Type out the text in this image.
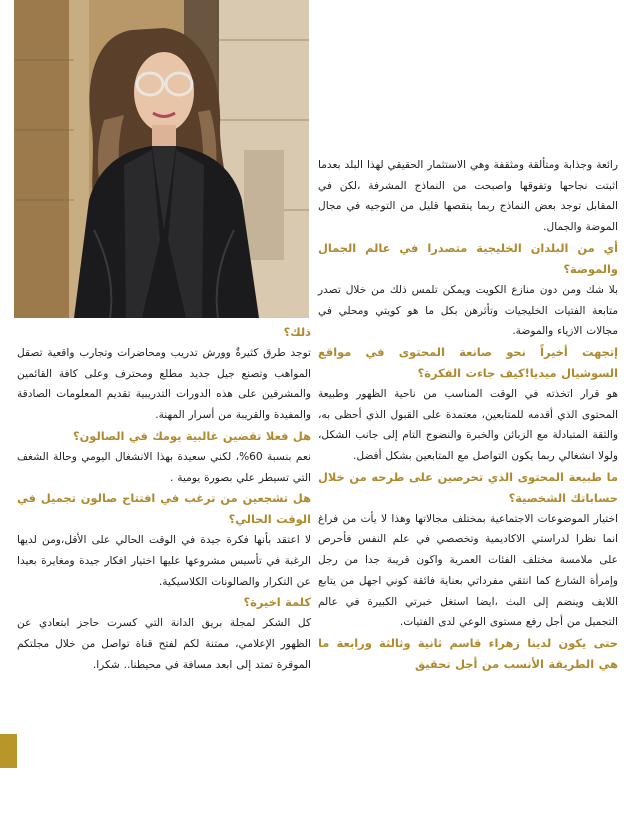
رائعة وجذابة ومتألقة ومثقفة وهي الاستثمار الحقيقي لهذا البلد بعدما اثبتت نجاحها وتفوقها واصبحت من النماذج المشرفة ،لكن في المقابل توجد بعض النماذج ربما ينقصها قليل من التوجيه في مجال الموضة والجمال.

أي من البلدان الخليجية متصدرا في عالم الجمال والموضة؟

بلا شك ومن دون منازع الكويت ويمكن تلمس ذلك من خلال تصدر متابعة الفتيات الخليجيات وتأثرهن بكل ما هو كويتي ومحلي في مجالات الازياء والموضة.

إتجهت أخيراً نحو صانعة المحتوى في مواقع السوشيال ميديا!كيف جاءت الفكرة؟

هو قرار اتخذته في الوقت المناسب من ناحية الظهور وطبيعة المحتوى الذي أقدمه للمتابعين، معتمدة على القبول الذي أحظى به، والثقة المتبادلة مع الزبائن والخبرة والنضوج التام إلى جانب الشكل، ولولا انشغالي ربما يكون التواصل مع المتابعين بشكل أفضل.

ما طبيعة المحتوى الذي تحرصين على طرحه من خلال حساباتك الشخصية؟

اختيار الموضوعات الاجتماعية بمختلف مجالاتها وهذا لا يأت من فراغ انما نظرا لدراستي الاكاديمية وتخصصي في علم النفس فأحرص على ملامسة مختلف الفئات العمرية واكون قريبة جدا من رجل وإمرأة الشارع كما انتقي مفرداتي بعناية فائقة كوني اجهل من يتابع اللايف وينضم إلى البث ،ايضا استغل خبرتي الكبيرة في عالم التجميل من أجل رفع مستوى الوعي لدى الفتيات.

حتى يكون لدينا زهراء قاسم ثانية وثالثة ورابعة ما هي الطريقة الأنسب من أجل تحقيق
ذلك؟

توجد طرق كثيرةٌ وورش تدريب ومحاضرات وتجارب واقعية تصقل المواهب وتصنع جيل جديد مطلع ومحترف وعلى كافة القائمين والمشرفين على هذه الدورات التدريبية تقديم المعلومات الصادقة والمفيدة والقريبة من أسرار المهنة.

هل فعلا تقضين غالبية يومك في الصالون؟

نعم بنسبة 60%، لكني سعيدة بهذا الانشغال اليومي وحالة الشغف التي تسيطر علي بصورة يومية .

هل تشجعين من ترغب في افتتاح صالون تجميل في الوقت الحالي؟

لا اعتقد بأنها فكرة جيدة في الوقت الحالي على الأقل،ومن لديها الرغبة في تأسيس مشروعها عليها اختيار افكار جيدة ومغايرة بعيدا عن التكرار والصالونات الكلاسيكية.

كلمة اخيرة؟

كل الشكر لمجلة بريق الدانة التي كسرت حاجز ابتعادي عن الظهور الإعلامي، ممتنة لكم لفتح قناة تواصل من خلال مجلتكم الموقرة تمتد إلى ابعد مسافة في محيطنا.. شكرا.
